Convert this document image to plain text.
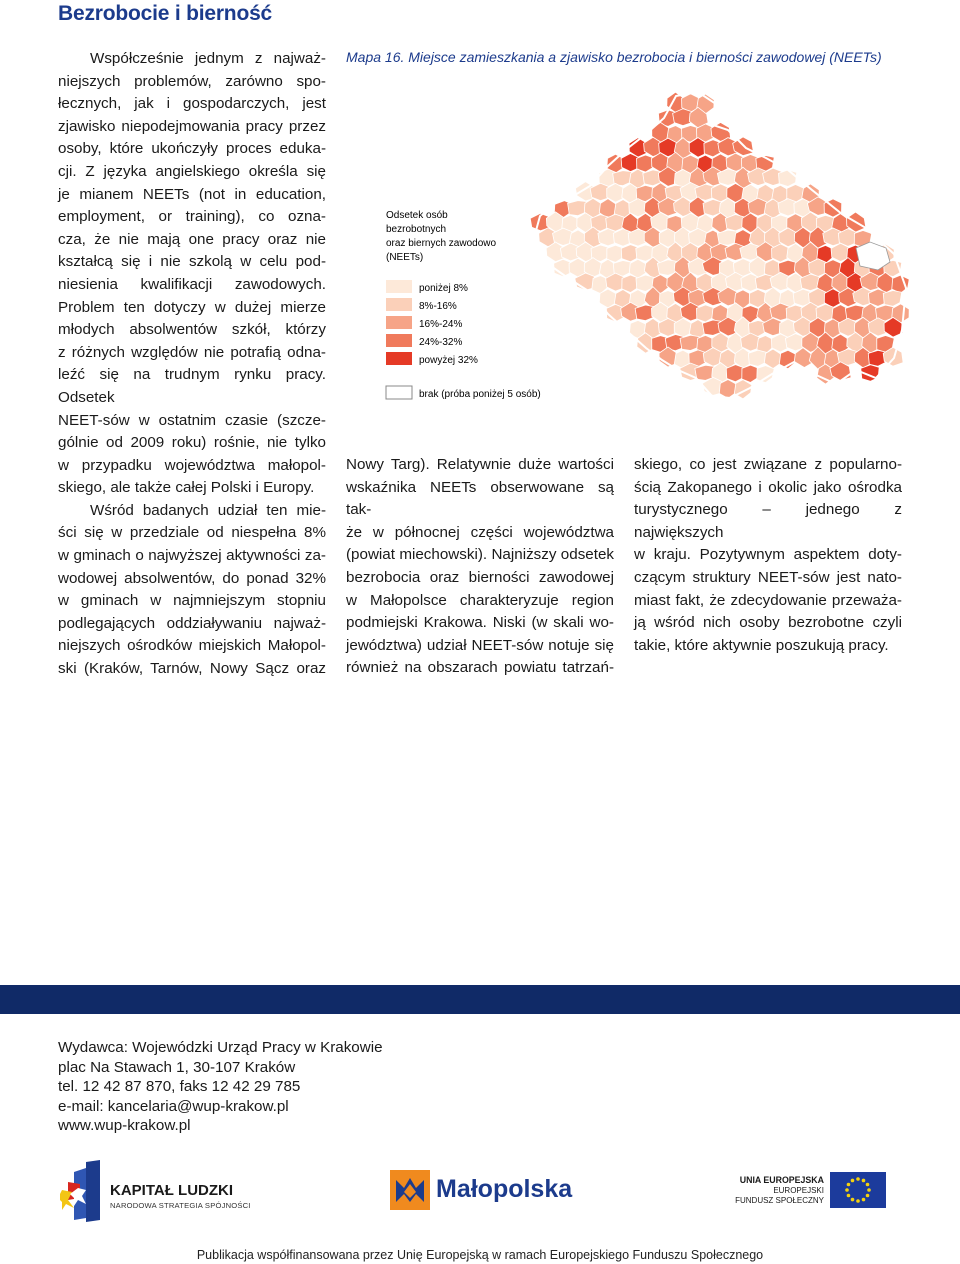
Bezrobocie i bierność

Współcześnie jednym z najważ-

niejszych problemów, zarówno spo-

łecznych, jak i gospodarczych, jest

zjawisko niepodejmowania pracy przez

osoby, które ukończyły proces eduka-

cji. Z języka angielskiego określa się

je mianem NEETs (not in education,

employment, or training), co ozna-

cza, że nie mają one pracy oraz nie

kształcą się i nie szkolą w celu pod-

niesienia kwalifikacji zawodowych.

Problem ten dotyczy w dużej mierze

młodych absolwentów szkół, którzy

z różnych względów nie potrafią odna-

leźć się na trudnym rynku pracy. Odsetek

NEET-sów w ostatnim czasie (szcze-

gólnie od 2009 roku) rośnie, nie tylko

w przypadku województwa małopol-

skiego, ale także całej Polski i Europy.

Wśród badanych udział ten mie-

ści się w przedziale od niespełna 8%

w gminach o najwyższej aktywności za-

wodowej absolwentów, do ponad 32%

w gminach w najmniejszym stopniu

podlegających oddziaływaniu najważ-

niejszych ośrodków miejskich Małopol-

ski (Kraków, Tarnów, Nowy Sącz oraz

Nowy Targ). Relatywnie duże wartości

wskaźnika NEETs obserwowane są tak-

że w północnej części województwa

(powiat miechowski). Najniższy odsetek

bezrobocia oraz bierności zawodowej

w Małopolsce charakteryzuje region

podmiejski Krakowa. Niski (w skali wo-

jewództwa) udział NEET-sów notuje się

również na obszarach powiatu tatrzań-

skiego, co jest związane z popularno-

ścią Zakopanego i okolic jako ośrodka

turystycznego – jednego z największych

w kraju. Pozytywnym aspektem doty-

czącym struktury NEET-sów jest nato-

miast fakt, że zdecydowanie przeważa-

ją wśród nich osoby bezrobotne czyli

takie, które aktywnie poszukują pracy.

Mapa 16. Miejsce zamieszkania a zjawisko bezrobocia i bierności zawodowej (NEETs)
Odsetek osób
bezrobotnych
oraz biernych zawodowo
(NEETs)
poniżej 8%
8%-16%
16%-24%
24%-32%
powyżej 32%
brak (próba poniżej 5 osób)
Wydawca: Wojewódzki Urząd Pracy w Krakowie
plac Na Stawach 1, 30-107 Kraków
tel. 12 42 87 870, faks 12 42 29 785
e-mail: kancelaria@wup-krakow.pl
www.wup-krakow.pl
KAPITAŁ LUDZKI
NARODOWA STRATEGIA SPÓJNOŚCI
Małopolska	UNIA EUROPEJSKA
EUROPEJSKI
FUNDUSZ SPOŁECZNY
Publikacja współfinansowana przez Unię Europejską w ramach Europejskiego Funduszu Społecznego
